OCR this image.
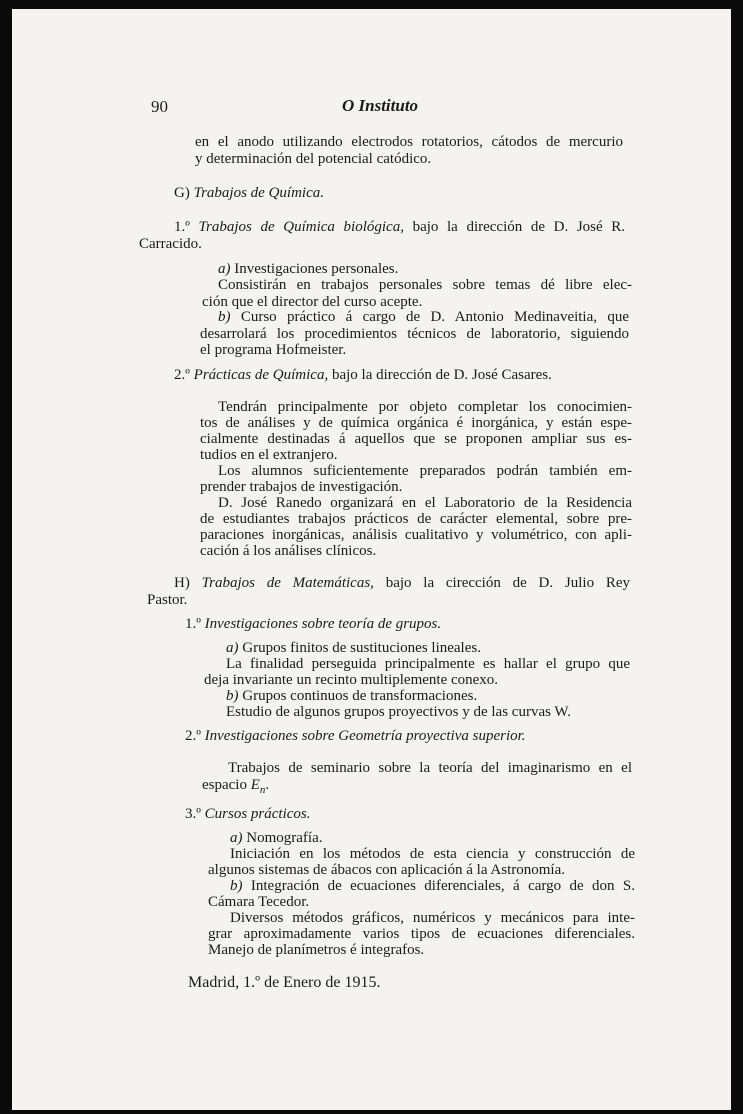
90	O Instituto
en el anodo utilizando electrodos rotatorios, cátodos de mercurio
y determinación del potencial catódico.
G) Trabajos de Química.
1.º Trabajos de Química biológica, bajo la dirección de D. José R.
Carracido.
a) Investigaciones personales.
Consistirán en trabajos personales sobre temas dé libre elec-
ción que el director del curso acepte.
b) Curso práctico á cargo de D. Antonio Medinaveitia, que
desarrolará los procedimientos técnicos de laboratorio, siguiendo
el programa Hofmeister.
2.º Prácticas de Química, bajo la dirección de D. José Casares.
Tendrán principalmente por objeto completar los conocimien-
tos de análises y de química orgánica é inorgánica, y están espe-
cialmente destinadas á aquellos que se proponen ampliar sus es-
tudios en el extranjero.
Los alumnos suficientemente preparados podrán también em-
prender trabajos de investigación.
D. José Ranedo organizará en el Laboratorio de la Residencia
de estudiantes trabajos prácticos de carácter elemental, sobre pre-
paraciones inorgánicas, análisis cualitativo y volumétrico, con apli-
cación á los análises clínicos.
H) Trabajos de Matemáticas, bajo la cirección de D. Julio Rey
Pastor.
1.º Investigaciones sobre teoría de grupos.
a) Grupos finitos de sustituciones lineales.
La finalidad perseguida principalmente es hallar el grupo que
deja invariante un recinto multiplemente conexo.
b) Grupos continuos de transformaciones.
Estudio de algunos grupos proyectivos y de las curvas W.
2.º Investigaciones sobre Geometría proyectiva superior.
Trabajos de seminario sobre la teoría del imaginarismo en el
espacio $E_n$.
3.º Cursos prácticos.
a) Nomografía.
Iniciación en los métodos de esta ciencia y construcción de
algunos sistemas de ábacos con aplicación á la Astronomía.
b) Integración de ecuaciones diferenciales, á cargo de don S.
Cámara Tecedor.
Diversos métodos gráficos, numéricos y mecánicos para inte-
grar aproximadamente varios tipos de ecuaciones diferenciales.
Manejo de planímetros é integrafos.
Madrid, 1.º de Enero de 1915.
